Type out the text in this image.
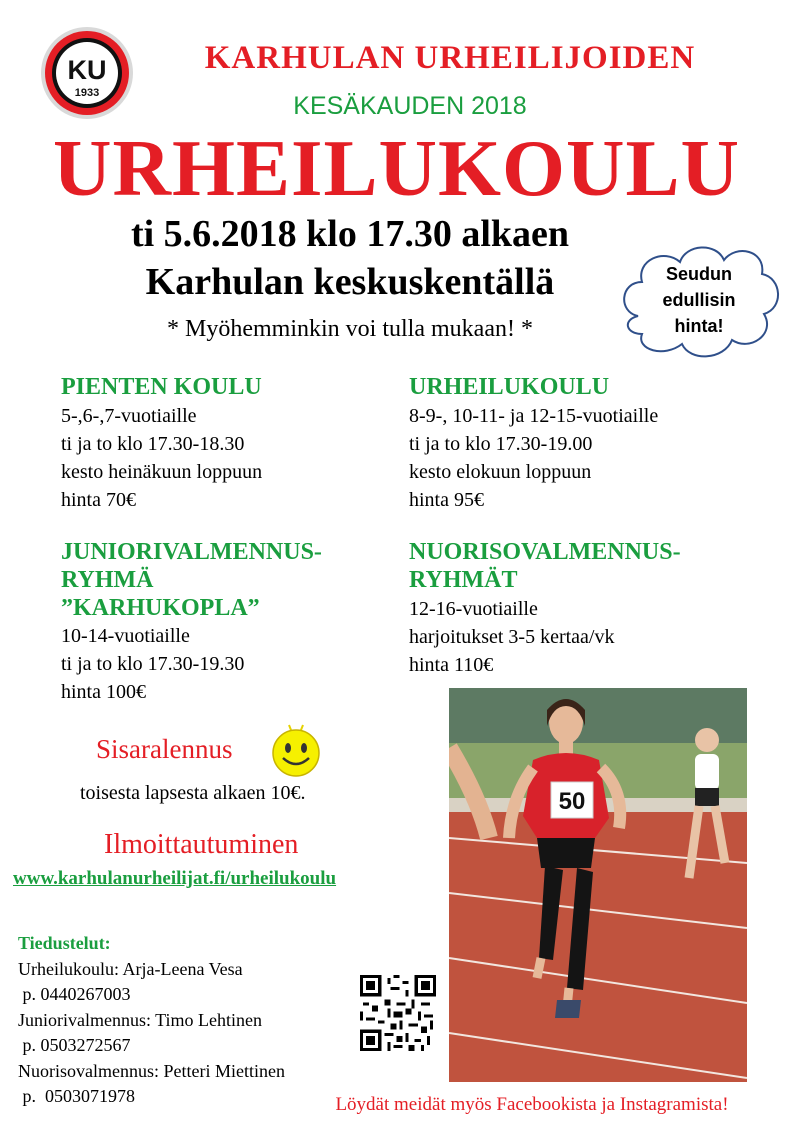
KU
1933
KARHULAN URHEILIJOIDEN
KESÄKAUDEN 2018
URHEILUKOULU
ti 5.6.2018 klo 17.30 alkaen
Karhulan keskuskentällä
* Myöhemminkin voi tulla mukaan! *
Seudun
edullisin
hinta!
PIENTEN KOULU
5-,6-,7-vuotiaille
ti ja to klo 17.30-18.30
kesto heinäkuun loppuun
hinta 70€
URHEILUKOULU
8-9-, 10-11- ja 12-15-vuotiaille
ti ja to klo 17.30-19.00
kesto elokuun loppuun
hinta 95€
JUNIORIVALMENNUS-
RYHMÄ
”KARHUKOPLA”
10-14-vuotiaille
ti ja to klo 17.30-19.30
hinta 100€
NUORISOVALMENNUS-
RYHMÄT
12-16-vuotiaille
harjoitukset 3-5 kertaa/vk
hinta 110€
Sisaralennus
toisesta lapsesta alkaen 10€.
Ilmoittautuminen
www.karhulanurheilijat.fi/urheilukoulu
Tiedustelut:
Urheilukoulu: Arja-Leena Vesa
p. 0440267003
Juniorivalmennus: Timo Lehtinen
p. 0503272567
Nuorisovalmennus: Petteri Miettinen
p.  0503071978
50
Löydät meidät myös Facebookista ja Instagramista!
